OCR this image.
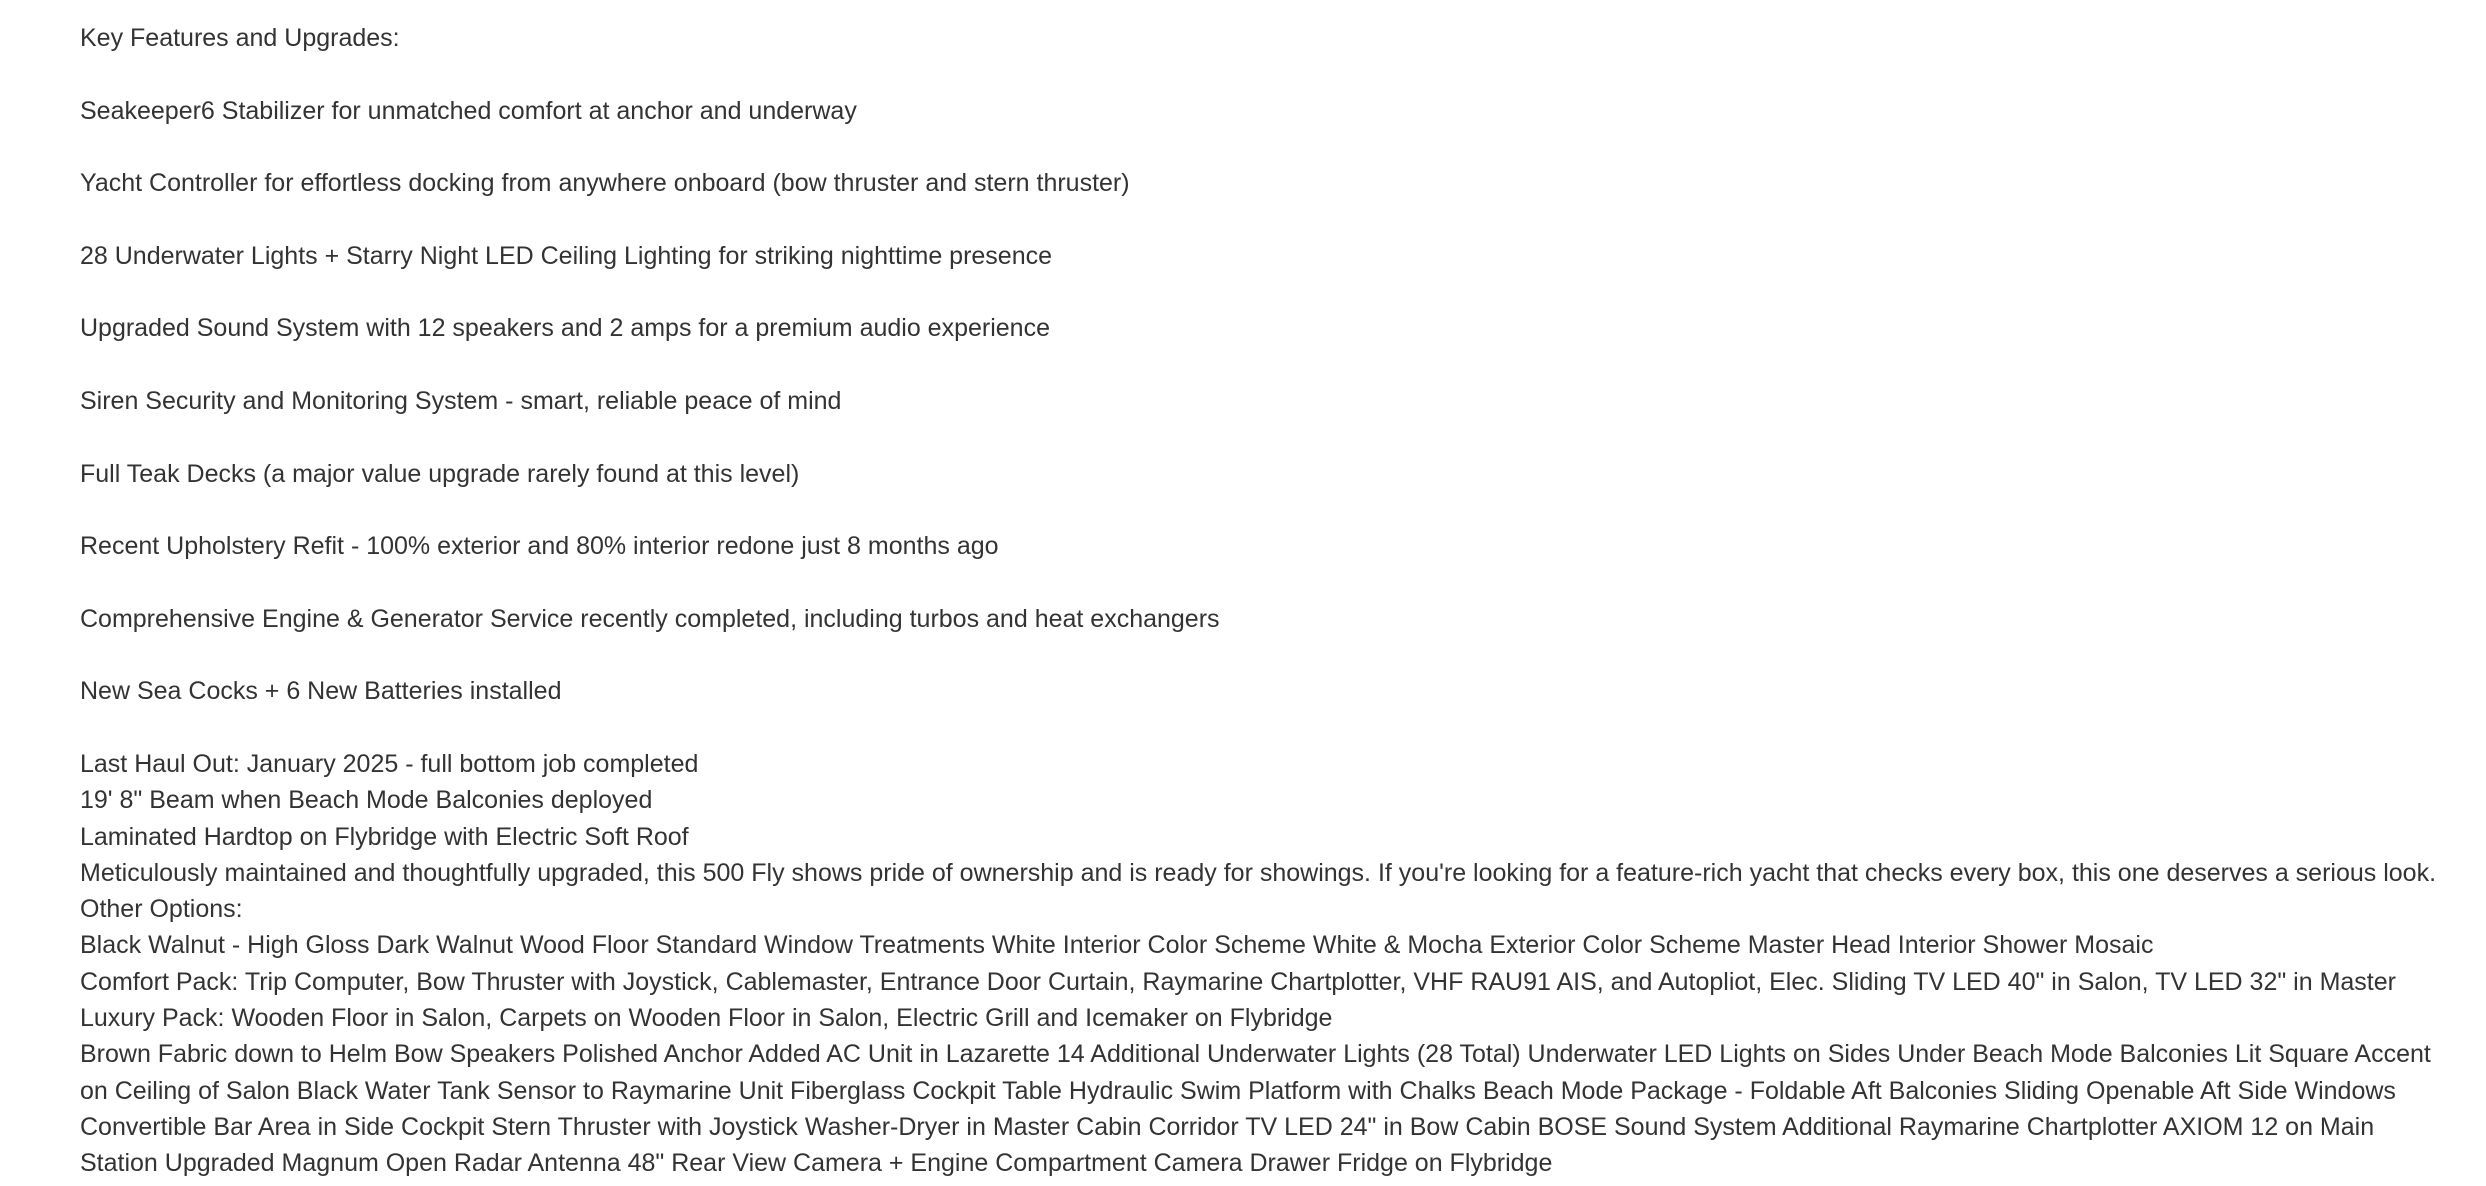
Key Features and Upgrades:

Seakeeper6 Stabilizer for unmatched comfort at anchor and underway

Yacht Controller for effortless docking from anywhere onboard (bow thruster and stern thruster)

28 Underwater Lights + Starry Night LED Ceiling Lighting for striking nighttime presence

Upgraded Sound System with 12 speakers and 2 amps for a premium audio experience

Siren Security and Monitoring System - smart, reliable peace of mind

Full Teak Decks (a major value upgrade rarely found at this level)

Recent Upholstery Refit - 100% exterior and 80% interior redone just 8 months ago

Comprehensive Engine & Generator Service recently completed, including turbos and heat exchangers

New Sea Cocks + 6 New Batteries installed

Last Haul Out: January 2025 - full bottom job completed

19' 8" Beam when Beach Mode Balconies deployed

Laminated Hardtop on Flybridge with Electric Soft Roof

Meticulously maintained and thoughtfully upgraded, this 500 Fly shows pride of ownership and is ready for showings. If you're looking for a feature-rich yacht that checks every box, this one deserves a serious look.

Other Options:

Black Walnut - High Gloss Dark Walnut Wood Floor Standard Window Treatments White Interior Color Scheme White & Mocha Exterior Color Scheme Master Head Interior Shower Mosaic

Comfort Pack: Trip Computer, Bow Thruster with Joystick, Cablemaster, Entrance Door Curtain, Raymarine Chartplotter, VHF RAU91 AIS, and Autopliot, Elec. Sliding TV LED 40" in Salon, TV LED 32" in Master

Luxury Pack: Wooden Floor in Salon, Carpets on Wooden Floor in Salon, Electric Grill and Icemaker on Flybridge

Brown Fabric down to Helm Bow Speakers Polished Anchor Added AC Unit in Lazarette 14 Additional Underwater Lights (28 Total) Underwater LED Lights on Sides Under Beach Mode Balconies Lit Square Accent on Ceiling of Salon Black Water Tank Sensor to Raymarine Unit Fiberglass Cockpit Table Hydraulic Swim Platform with Chalks Beach Mode Package - Foldable Aft Balconies Sliding Openable Aft Side Windows Convertible Bar Area in Side Cockpit Stern Thruster with Joystick Washer-Dryer in Master Cabin Corridor TV LED 24" in Bow Cabin BOSE Sound System Additional Raymarine Chartplotter AXIOM 12 on Main Station Upgraded Magnum Open Radar Antenna 48" Rear View Camera + Engine Compartment Camera Drawer Fridge on Flybridge
